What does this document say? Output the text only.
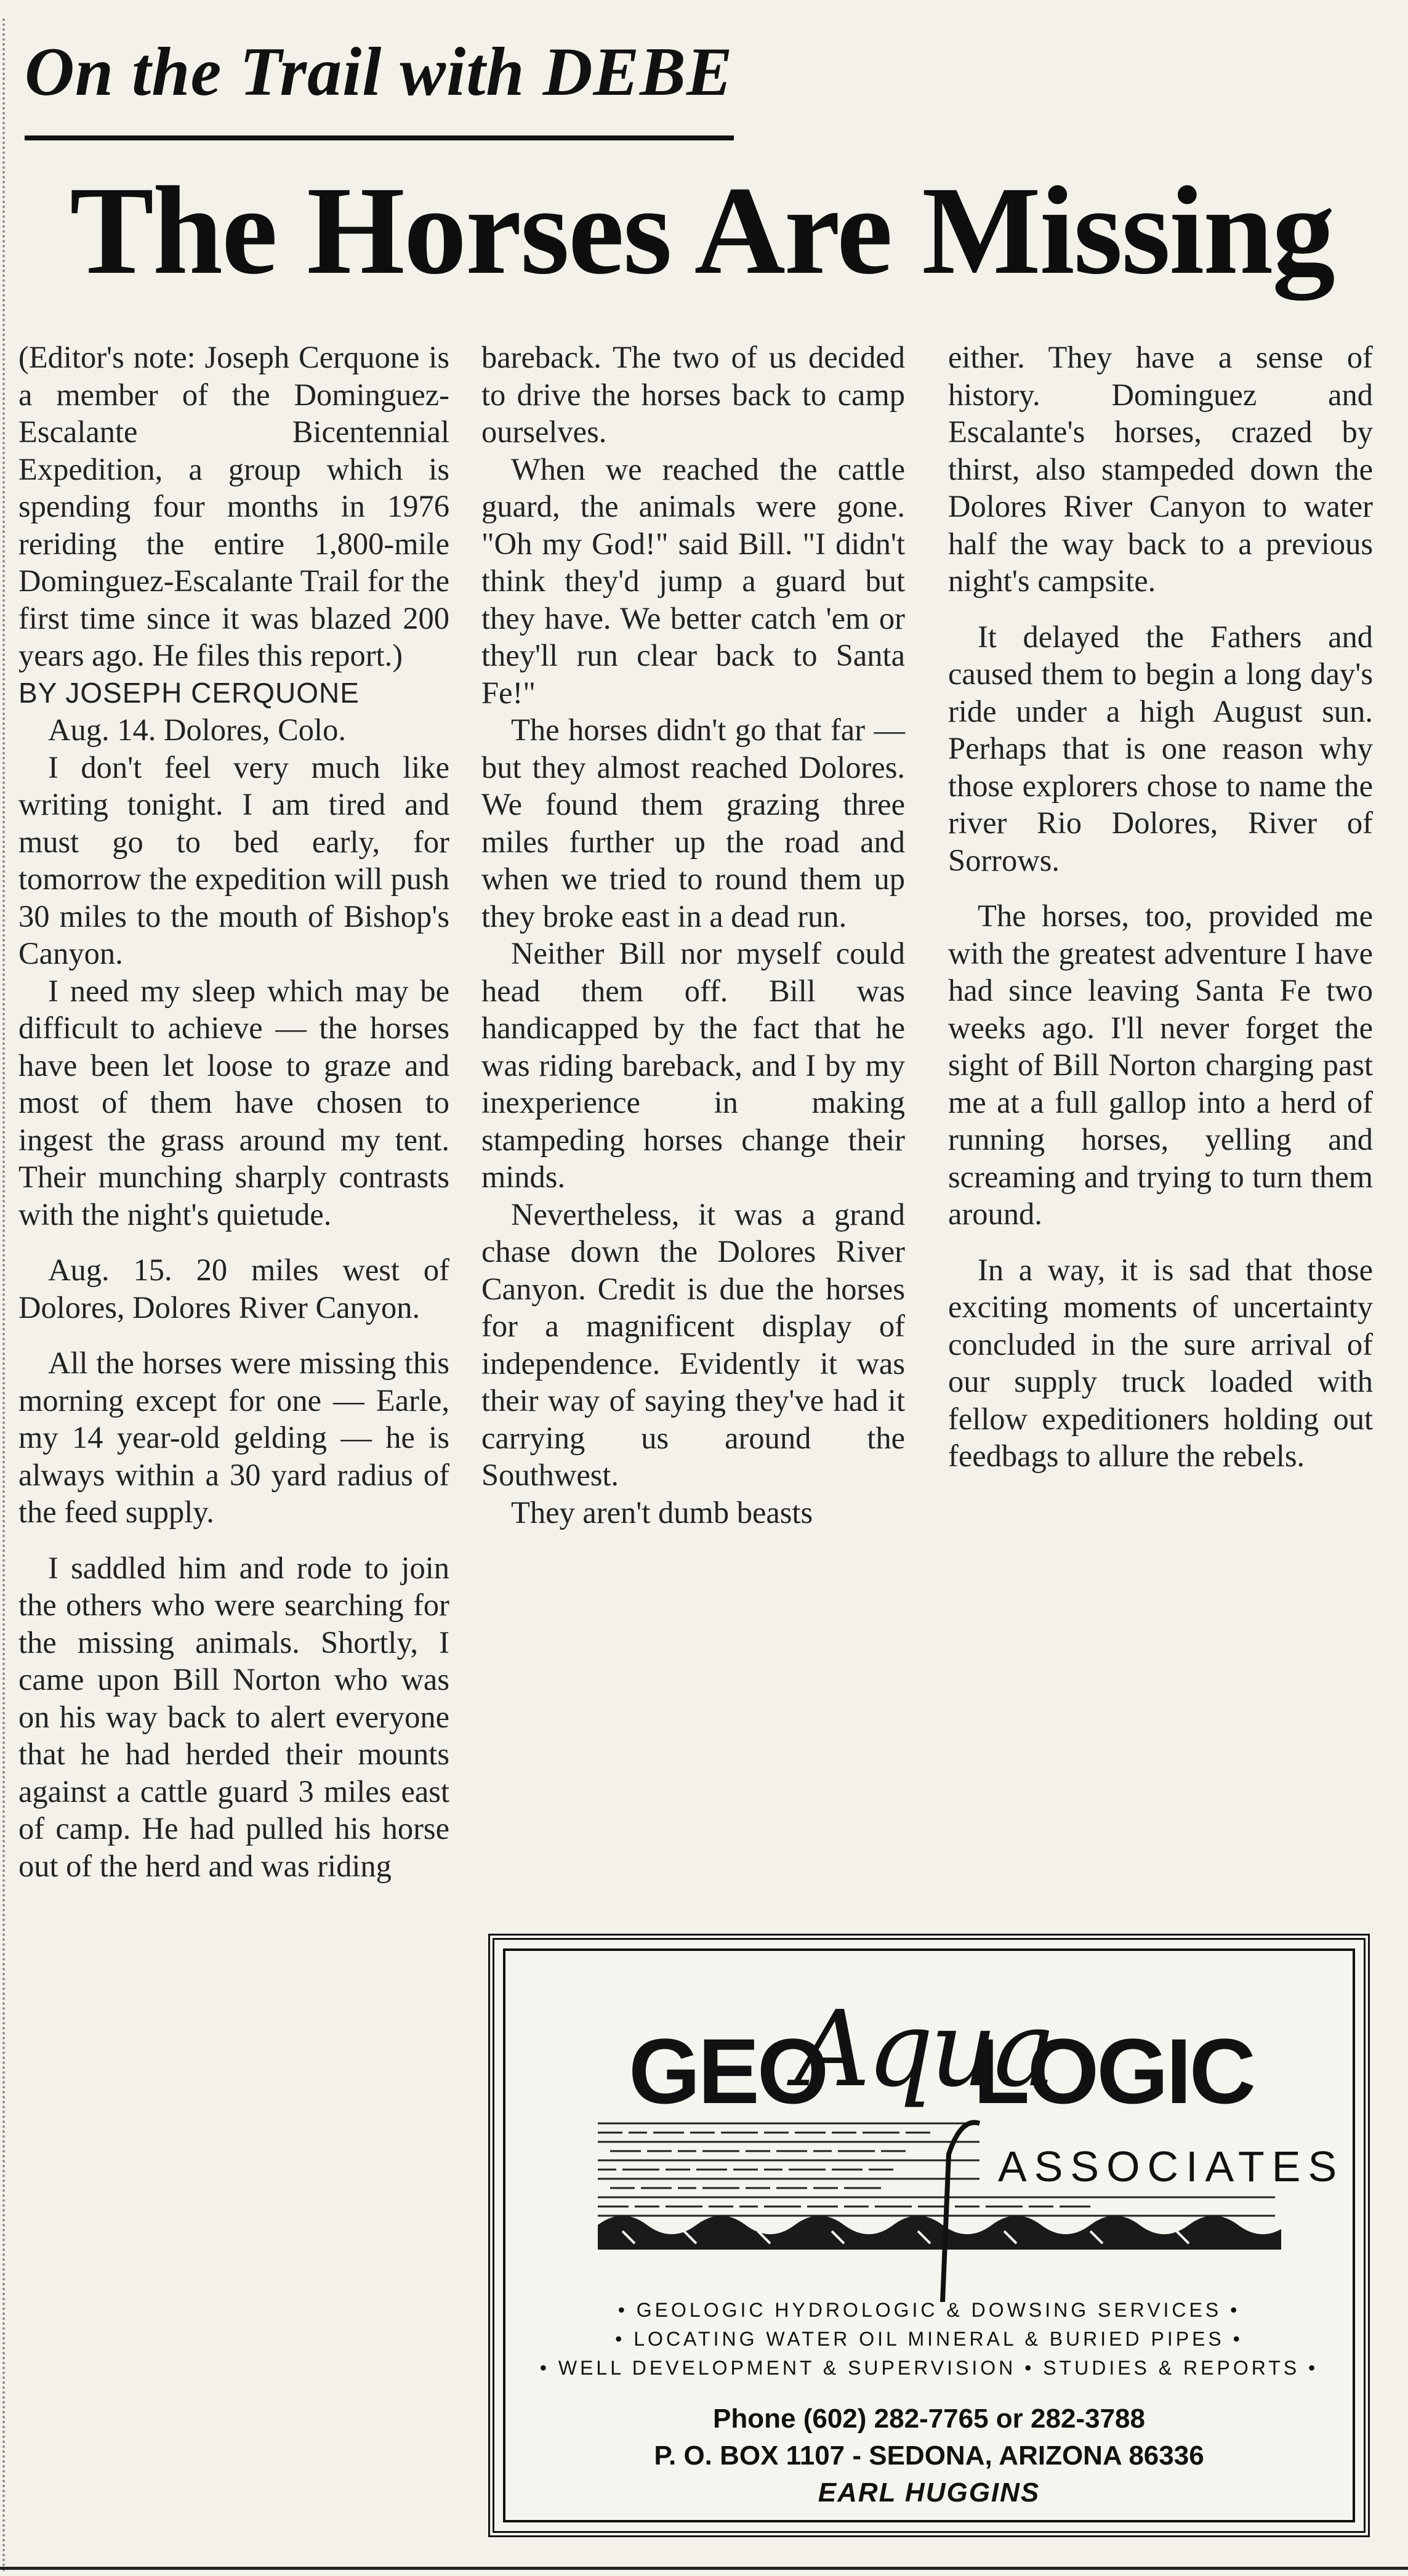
On the Trail with DEBE
The Horses Are Missing

(Editor's note: Joseph Cerquone is a member of the Dominguez-Escalante Bicentennial Expedition, a group which is spending four months in 1976 reriding the entire 1,800-mile Dominguez-Escalante Trail for the first time since it was blazed 200 years ago. He files this report.)

BY JOSEPH CERQUONE

Aug. 14. Dolores, Colo.

I don't feel very much like writing tonight. I am tired and must go to bed early, for tomorrow the expedition will push 30 miles to the mouth of Bishop's Canyon.

I need my sleep which may be difficult to achieve — the horses have been let loose to graze and most of them have chosen to ingest the grass around my tent. Their munching sharply contrasts with the night's quietude.

Aug. 15. 20 miles west of Dolores, Dolores River Canyon.

All the horses were missing this morning except for one — Earle, my 14 year-old gelding — he is always within a 30 yard radius of the feed supply.

I saddled him and rode to join the others who were searching for the missing animals. Shortly, I came upon Bill Norton who was on his way back to alert everyone that he had herded their mounts against a cattle guard 3 miles east of camp. He had pulled his horse out of the herd and was riding

bareback. The two of us decided to drive the horses back to camp ourselves.

When we reached the cattle guard, the animals were gone. "Oh my God!" said Bill. "I didn't think they'd jump a guard but they have. We better catch 'em or they'll run clear back to Santa Fe!"

The horses didn't go that far — but they almost reached Dolores. We found them grazing three miles further up the road and when we tried to round them up they broke east in a dead run.

Neither Bill nor myself could head them off. Bill was handicapped by the fact that he was riding bareback, and I by my inexperience in making stampeding horses change their minds.

Nevertheless, it was a grand chase down the Dolores River Canyon. Credit is due the horses for a magnificent display of independence. Evidently it was their way of saying they've had it carrying us around the Southwest.

They aren't dumb beasts

either. They have a sense of history. Dominguez and Escalante's horses, crazed by thirst, also stampeded down the Dolores River Canyon to water half the way back to a previous night's campsite.

It delayed the Fathers and caused them to begin a long day's ride under a high August sun. Perhaps that is one reason why those explorers chose to name the river Rio Dolores, River of Sorrows.

The horses, too, provided me with the greatest adventure I have had since leaving Santa Fe two weeks ago. I'll never forget the sight of Bill Norton charging past me at a full gallop into a herd of running horses, yelling and screaming and trying to turn them around.

In a way, it is sad that those exciting moments of uncertainty concluded in the sure arrival of our supply truck loaded with fellow expeditioners holding out feedbags to allure the rebels.

GEO
Aqua
LOGIC
ASSOCIATES
• GEOLOGIC HYDROLOGIC & DOWSING SERVICES •
• LOCATING WATER OIL MINERAL & BURIED PIPES •
• WELL DEVELOPMENT & SUPERVISION • STUDIES & REPORTS •
Phone (602) 282-7765 or 282-3788
P. O. BOX 1107 - SEDONA, ARIZONA 86336
EARL HUGGINS
